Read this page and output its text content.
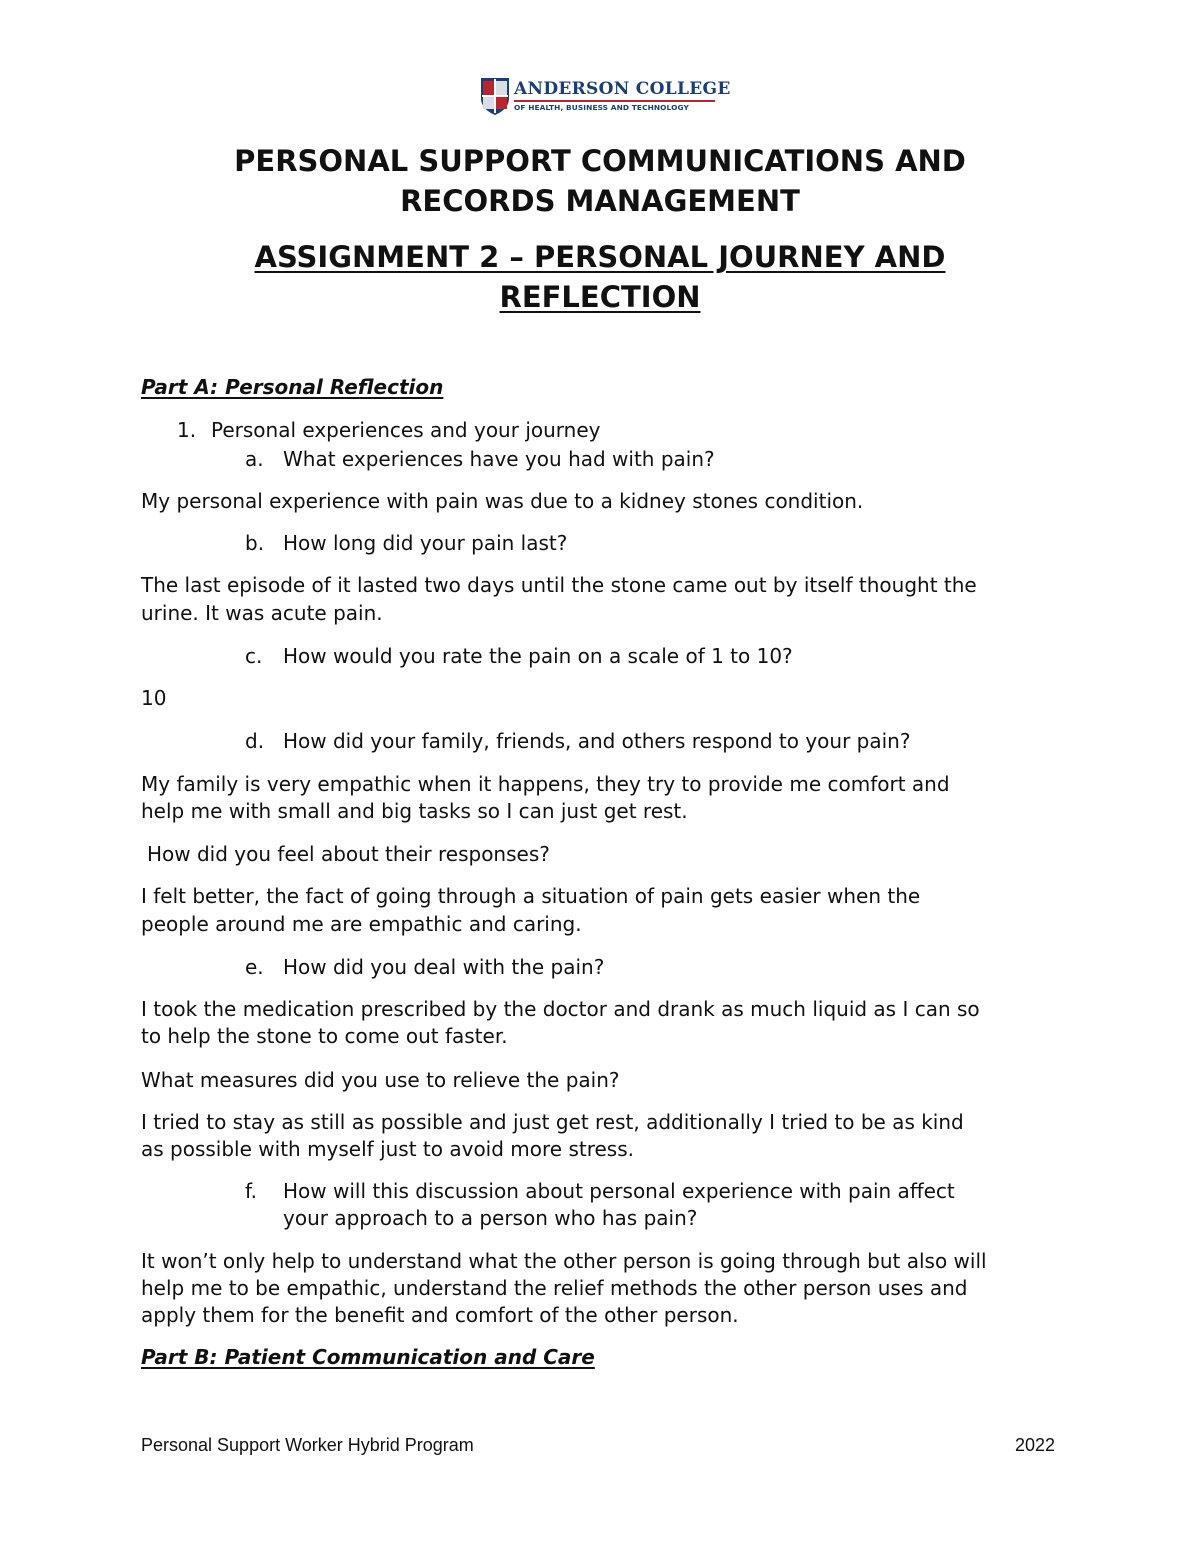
ANDERSON COLLEGE
OF HEALTH, BUSINESS AND TECHNOLOGY
PERSONAL SUPPORT COMMUNICATIONS AND
RECORDS MANAGEMENT
ASSIGNMENT 2 – PERSONAL JOURNEY AND
REFLECTION
Part A: Personal Reflection
1. Personal experiences and your journey
a. What experiences have you had with pain?
My personal experience with pain was due to a kidney stones condition.
b. How long did your pain last?
The last episode of it lasted two days until the stone came out by itself thought the
urine. It was acute pain.
c. How would you rate the pain on a scale of 1 to 10?
10
d. How did your family, friends, and others respond to your pain?
My family is very empathic when it happens, they try to provide me comfort and
help me with small and big tasks so I can just get rest.
How did you feel about their responses?
I felt better, the fact of going through a situation of pain gets easier when the
people around me are empathic and caring.
e. How did you deal with the pain?
I took the medication prescribed by the doctor and drank as much liquid as I can so
to help the stone to come out faster.
What measures did you use to relieve the pain?
I tried to stay as still as possible and just get rest, additionally I tried to be as kind
as possible with myself just to avoid more stress.
f. How will this discussion about personal experience with pain affect
your approach to a person who has pain?
It won’t only help to understand what the other person is going through but also will
help me to be empathic, understand the relief methods the other person uses and
apply them for the benefit and comfort of the other person.
Part B: Patient Communication and Care
Personal Support Worker Hybrid Program	2022
